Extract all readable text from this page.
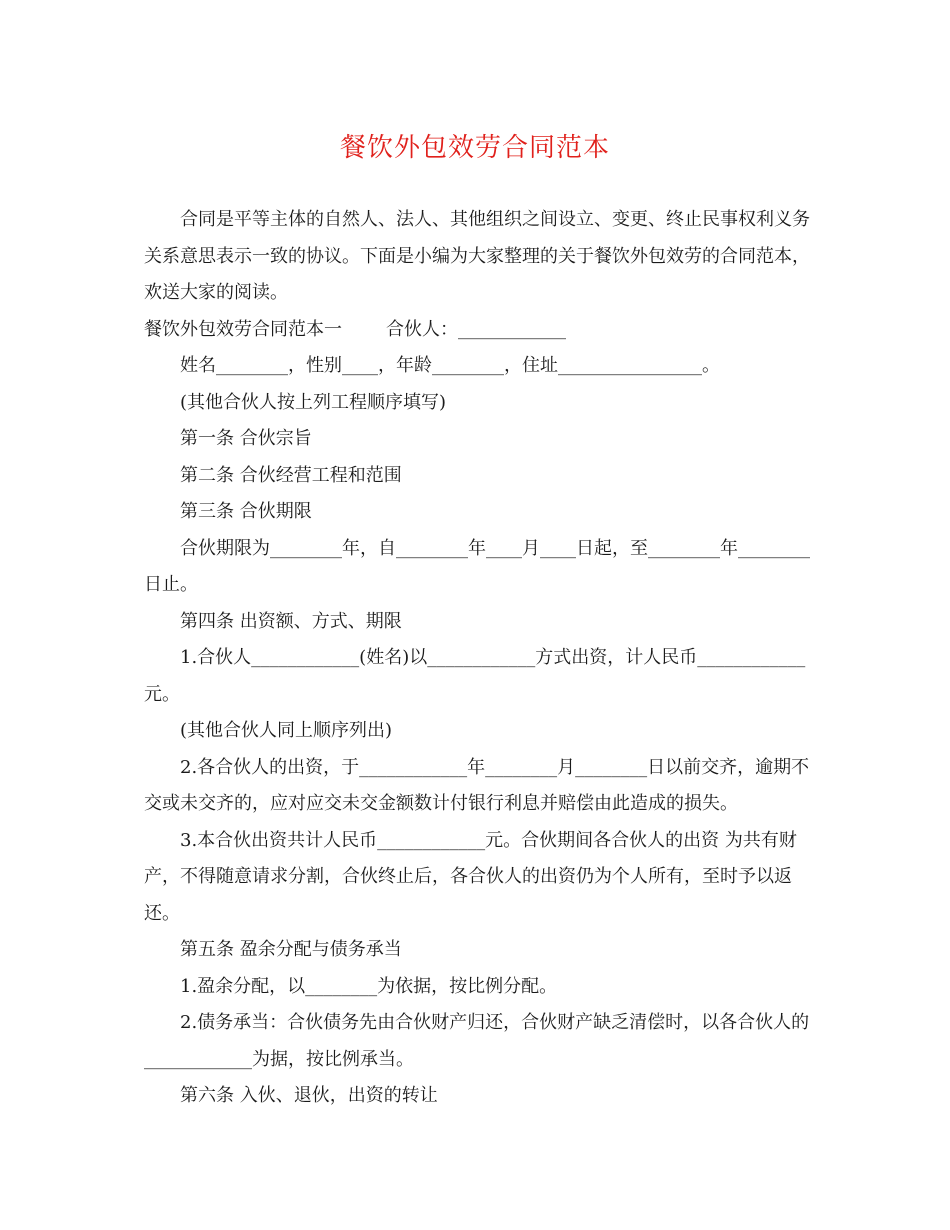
餐饮外包效劳合同范本

合同是平等主体的自然人、法人、其他组织之间设立、变更、终止民事权利义务关系意思表示一致的协议。下面是小编为大家整理的关于餐饮外包效劳的合同范本，欢送大家的阅读。

餐饮外包效劳合同范本一 合伙人：____________

姓名________，性别____，年龄________，住址________________。

(其他合伙人按上列工程顺序填写)

第一条 合伙宗旨

第二条 合伙经营工程和范围

第三条 合伙期限

合伙期限为________年，自________年____月____日起，至________年________日止。

第四条 出资额、方式、期限

1.合伙人____________(姓名)以____________方式出资，计人民币____________元。

(其他合伙人同上顺序列出)

2.各合伙人的出资，于____________年________月________日以前交齐，逾期不交或未交齐的，应对应交未交金额数计付银行利息并赔偿由此造成的损失。

3.本合伙出资共计人民币____________元。合伙期间各合伙人的出资 为共有财产，不得随意请求分割，合伙终止后，各合伙人的出资仍为个人所有，至时予以返还。

第五条 盈余分配与债务承当

1.盈余分配，以________为依据，按比例分配。

2.债务承当：合伙债务先由合伙财产归还，合伙财产缺乏清偿时，以各合伙人的____________为据，按比例承当。

第六条 入伙、退伙，出资的转让
